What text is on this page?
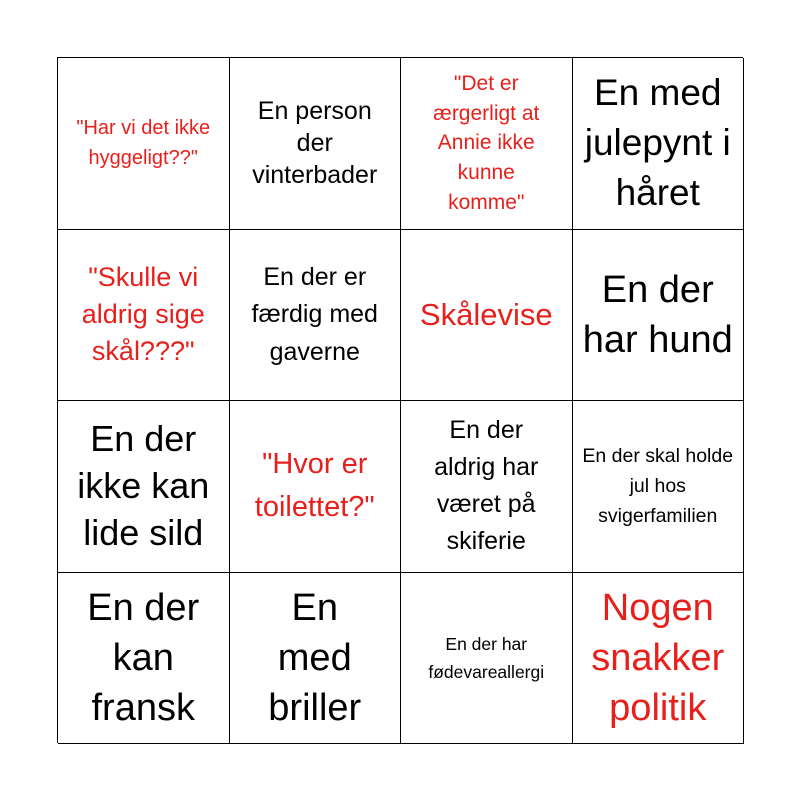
"Har vi det ikke hyggeligt??"
En person der vinterbader
"Det er ærgerligt at Annie ikke kunne komme"
En med julepynt i håret
"Skulle vi aldrig sige skål???"
En der er færdig med gaverne
Skålevise
En der har hund
En der ikke kan lide sild
"Hvor er toilettet?"
En der aldrig har været på skiferie
En der skal holde jul hos svigerfamilien
En der kan fransk
En med briller
En der har fødevareallergi
Nogen snakker politik
